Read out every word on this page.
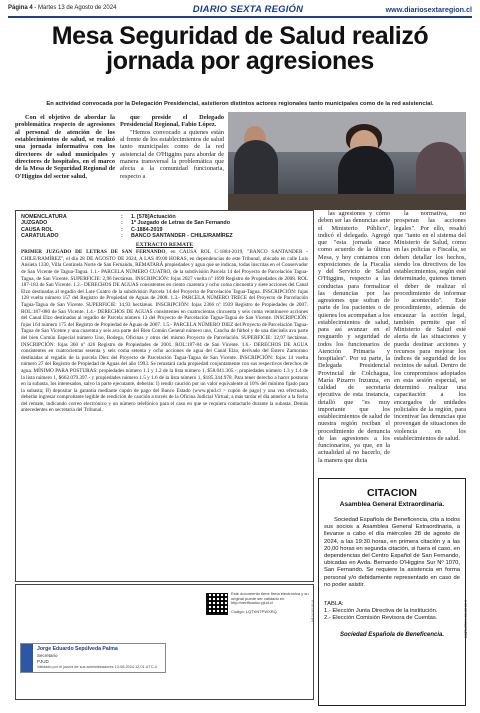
Página 4 - Martes 13 de Agosto de 2024	DIARIO SEXTA REGIÓN	www.diariosextaregion.cl
Mesa Seguridad de Salud realizó jornada por agresiones
En actividad convocada por la Delegación Presidencial, asistieron distintos actores regionales tanto municipales como de la red asistencial.

Con el objetivo de abordar la problemática respecto de agresiones al personal de atención de los establecimientos de salud, se realizó una jornada informativa con los directores de salud municipales y directores de hospitales, en el marco de la Mesa de Seguridad Regional de O'Higgins del sector salud,

que preside el Delegado Presidencial Regional, Fabio López.

"Hemos convocado a quienes están al frente de los establecimientos de salud tanto municipales como de la red asistencial de O'Higgins para abordar de manera transversal la problemática que afecta a la comunidad funcionaria, respecto a

NOMENCLATURA	:	1. [578]Actuación
JUZGADO	:	1º Juzgado de Letras de San Fernando
CAUSA ROL	:	C-1884-2019
CARATULADO	:	BANCO SANTANDER - CHILE/RAMÍREZ
EXTRACTO REMATE
PRIMER JUZGADO DE LETRAS DE SAN FERNANDO, en CAUSA ROL C-1884-2019, "BANCO SANTANDER - CHILE/RAMÍREZ", el día 28 DE AGOSTO DE 2024, A LAS 09:00 HORAS, en dependencias de este Tribunal, ubicado en calle Luis Ansieta 1330, Villa Centinela Norte de San Fernando, REMATARÁ propiedades y agua que se indican, todas inscritas en el Conservador de San Vicente de Tagua-Tagua. 1.1.- PARCELA NÚMERO CUATRO, de la subdivisión Parcela 14 del Proyecto de Parcelación Tagua-Tagua, de San Vicente. SUPERFICIE: 2,96 hectáreas. INSCRIPCIÓN: fojas 2027 vuelta nº 1699 Registro de Propiedades de 2008. ROL 187-183 de San Vicente. 1.2.- DERECHOS DE AGUAS consistentes en ciento cuarenta y ocho coma cincuenta y siete acciones del Canal Elzo destinadas al regadío del Lote Cuatro de la subdivisión Parcela 14 del Proyecto de Parcelación Tagua-Tagua. INSCRIPCIÓN: fojas 128 vuelta número 157 del Registro de Propiedad de Aguas de 2008. 1.3.- PARCELA NÚMERO TRECE del Proyecto de Parcelación Tagua-Tagua de San Vicente. SUPERFICIE: 14,93 hectáreas. INSCRIPCIÓN: fojas 2366 nº 1939 Registro de Propiedades de 2007. ROL:187-080 de San Vicente. 1.4.- DERECHOS DE AGUAS consistentes en cuatrocientas cincuenta y seis coma veintinueve acciones del Canal Elzo destinadas al regadío de Parcela número 13 del Proyecto de Parcelación Tagua-Tagua de San Vicente. INSCRIPCIÓN: fojas 164 número 175 del Registro de Propiedad de Aguas de 2007. 1.5.- PARCELA NÚMERO DIEZ del Proyecto de Parcelación Tagua-Tagua de San Vicente y una cuarenta y seis ava parte del Bien Común General número uno, Cancha de fútbol y de una dieciséis ava parte del bien Común Especial número Uno, Bodega, Oficinas y otros del mismo Proyecto de Parcelación. SUPERFICIE: 12,97 hectáreas. INSCRIPCIÓN: fojas 360 nº 426 Registro de Propiedades de 2001. ROL:187-84 de San Vicente. 1.6.- DERECHOS DE AGUA consistentes en cuatrocientas sesenta y seis coma setenta y ocho acciones de agua del Canal Elzo, derivado del Estero Zamorano destinadas al regadío de la parcela Diez del Proyecto de Parcelación Tagua-Tagua de San Vicente. INSCRIPCIÓN: fojas 14 vuelta número 27 del Registro de Propiedad de Aguas del año 1993. Se rematará cada propiedad conjuntamente con sus respectivos derechos de agua. MÍNIMO PARA POSTURAS: propiedades número 1.1 y 1.2 de la lista número 1, $58.041.305.-; propiedades número 1.3 y 1.4 de la lista número 1, $662.079.397.- y propiedades número 1.5 y 1.6 de la lista número 1, $185.344.978. Para tener derecho a hacer posturas en la subasta, los interesados, salvo la parte ejecutante, deberán: I) rendir caución por un valor equivalente al 10% del mínimo fijado para la subasta; II) depositar la garantía mediante cupón de pago del Banco Estado (www.pjud.cl > cupón de pago) y una vez efectuado, deberán ingresar comprobante legible de rendición de caución a través de la Oficina Judicial Virtual, a más tardar el día anterior a la fecha del remate, indicando correo electrónico y un número telefónico para el caso en que se requiera contactarle durante la subasta. Demás antecedentes en secretaría del Tribunal.

las agresiones y cómo deben ser las denuncias ante el Ministerio Público", indicó el delegado. Agregó que "esta jornada nace como acuerdo de la última Mesa, y hoy contamos con exposiciones de la Fiscalía y del Servicio de Salud O'Higgins, respecto a las conductas para formalizar las denuncias por las agresiones que sufran de parte de los pacientes o de quienes los acompañan a los establecimientos de salud, para así avanzar en el resguardo y seguridad de todos los funcionarios de Atención Primaria y hospitales". Por su parte, la Delegada Presidencial Provincial de Colchagua, María Pizarro Inzunza, en calidad de secretaria ejecutiva de esta instancia, detalló que "es muy importante que los establecimientos de salud de nuestra región reciban el procedimiento de denuncia de las agresiones a los funcionarios, ya que, en la actualidad al no hacerlo, de la manera que dicta

la normativa, no prosperan las acciones legales". Por ello, resaltó que "tanto en el sistema del Ministerio de Salud, como en las policías o Fiscalía, se deben detallar los hechos, siendo los directivos de los establecimientos, según esté determinado, quienes tienen el deber de realizar el procedimiento de informar lo acontecido". Este procedimiento, además de encauzar la acción legal, también permite que el Ministerio de Salud esté alerta de las situaciones y pueda destinar acciones y recursos para mejorar los índices de seguridad de los recintos de salud. Dentro de los compromisos adoptados en esta sesión especial, se determinó realizar una capacitación a los encargados de unidades policiales de la región, para incentivar las denuncias que provengan de situaciones de violencia en los establecimientos de salud.

Jorge Eduardo Sepúlveda Palma
Secretario
PJUD
Validado por el juez/a de sus administradores 13-08-2024 12:01 UTC-4
Este documento tiene firma electrónica y su original puede ser validado en http://verificadoc.pjud.cl
Código: LQTKNTPWXRQ	Nº 14 01 01 0	NMRUZ5XX-00-00 00 0
CITACION
Asamblea General Extraordinaria.
Sociedad Española de Beneficencia, cita a todos sus socios a Asamblea General Extraordinaria, a llevarse a cabo el día miércoles 28 de agosto de 2024, a las 19:30 horas, en primera citación y a las 20,00 horas en segunda citación, si fuera el caso, en dependencias del Centro Español de San Fernando, ubicadas en Avda. Bernardo O'Higgins Sur Nº 1070, San Fernando. Se requiere la asistencia en forma personal y/o debidamente representado en caso de no poder asistir.
TABLA:
1.- Elección Junta Directiva de la institución.
2.- Elección Comisión Revisora de Cuentas.
Sociedad Española de Beneficencia.
